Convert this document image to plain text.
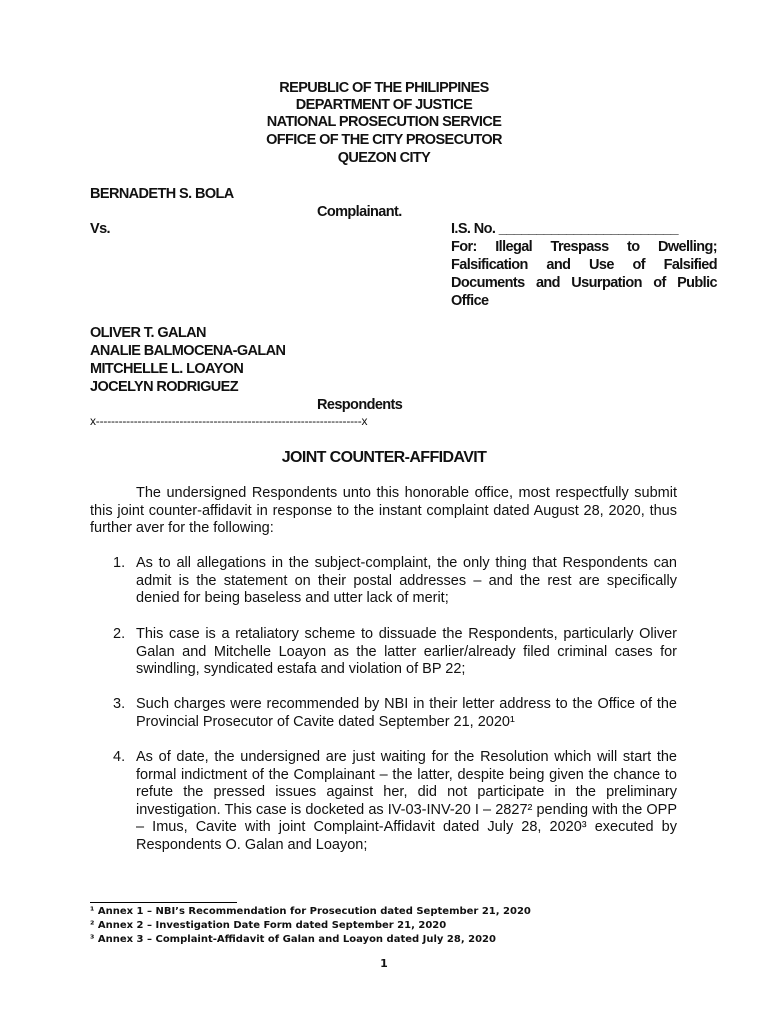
REPUBLIC OF THE PHILIPPINES
DEPARTMENT OF JUSTICE
NATIONAL PROSECUTION SERVICE
OFFICE OF THE CITY PROSECUTOR
QUEZON CITY
BERNADETH S. BOLA
Complainant.
Vs.	I.S. No. ________________________
For: Illegal Trespass to Dwelling;
Falsification and Use of Falsified
Documents and Usurpation of Public
Office
OLIVER T. GALAN
ANALIE BALMOCENA-GALAN
MITCHELLE L. LOAYON
JOCELYN RODRIGUEZ
Respondents
x----------------------------------------------------------------------x
JOINT COUNTER-AFFIDAVIT
The undersigned Respondents unto this honorable office, most respectfully submit
this joint counter-affidavit in response to the instant complaint dated August 28, 2020, thus
further aver for the following:
1. As to all allegations in the subject-complaint, the only thing that Respondents can
admit is the statement on their postal addresses – and the rest are specifically
denied for being baseless and utter lack of merit;
2. This case is a retaliatory scheme to dissuade the Respondents, particularly Oliver
Galan and Mitchelle Loayon as the latter earlier/already filed criminal cases for
swindling, syndicated estafa and violation of BP 22;
3. Such charges were recommended by NBI in their letter address to the Office of the
Provincial Prosecutor of Cavite dated September 21, 2020¹
4. As of date, the undersigned are just waiting for the Resolution which will start the
formal indictment of the Complainant – the latter, despite being given the chance to
refute the pressed issues against her, did not participate in the preliminary
investigation. This case is docketed as IV-03-INV-20 I – 2827² pending with the OPP
– Imus, Cavite with joint Complaint-Affidavit dated July 28, 2020³ executed by
Respondents O. Galan and Loayon;
¹ Annex 1 – NBI’s Recommendation for Prosecution dated September 21, 2020
² Annex 2 – Investigation Date Form dated September 21, 2020
³ Annex 3 – Complaint-Affidavit of Galan and Loayon dated July 28, 2020
1
